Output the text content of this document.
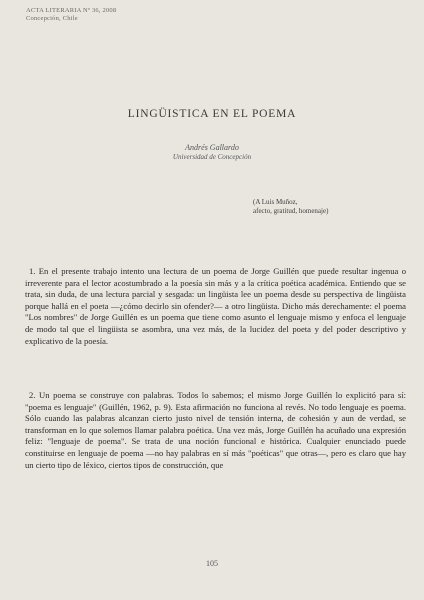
ACTA LITERARIA Nº 36, 2008
Concepción, Chile
LINGÜISTICA EN EL POEMA
Andrés Gallardo
Universidad de Concepción
(A Luis Muñoz,
afecto, gratitud, homenaje)

1. En el presente trabajo intento una lectura de un poema de Jorge Guillén que puede resultar ingenua o irreverente para el lector acostumbrado a la poesía sin más y a la crítica poética académica. Entiendo que se trata, sin duda, de una lectura parcial y sesgada: un lingüista lee un poema desde su perspectiva de lingüista porque hallá en el poeta —¿cómo decirlo sin ofender?— a otro lingüista. Dicho más derechamente: el poema "Los nombres" de Jorge Guillén es un poema que tiene como asunto el lenguaje mismo y enfoca el lenguaje de modo tal que el lingüista se asombra, una vez más, de la lucidez del poeta y del poder descriptivo y explicativo de la poesía.

2. Un poema se construye con palabras. Todos lo sabemos; el mismo Jorge Guillén lo explicitó para sí: "poema es lenguaje" (Guillén, 1962, p. 9). Esta afirmación no funciona al revés. No todo lenguaje es poema. Sólo cuando las palabras alcanzan cierto justo nivel de tensión interna, de cohesión y aun de verdad, se transforman en lo que solemos llamar palabra poética. Una vez más, Jorge Guillén ha acuñado una expresión feliz: "lenguaje de poema". Se trata de una noción funcional e histórica. Cualquier enunciado puede constituirse en lenguaje de poema —no hay palabras en sí más "poéticas" que otras—, pero es claro que hay un cierto tipo de léxico, ciertos tipos de construcción, que

105
